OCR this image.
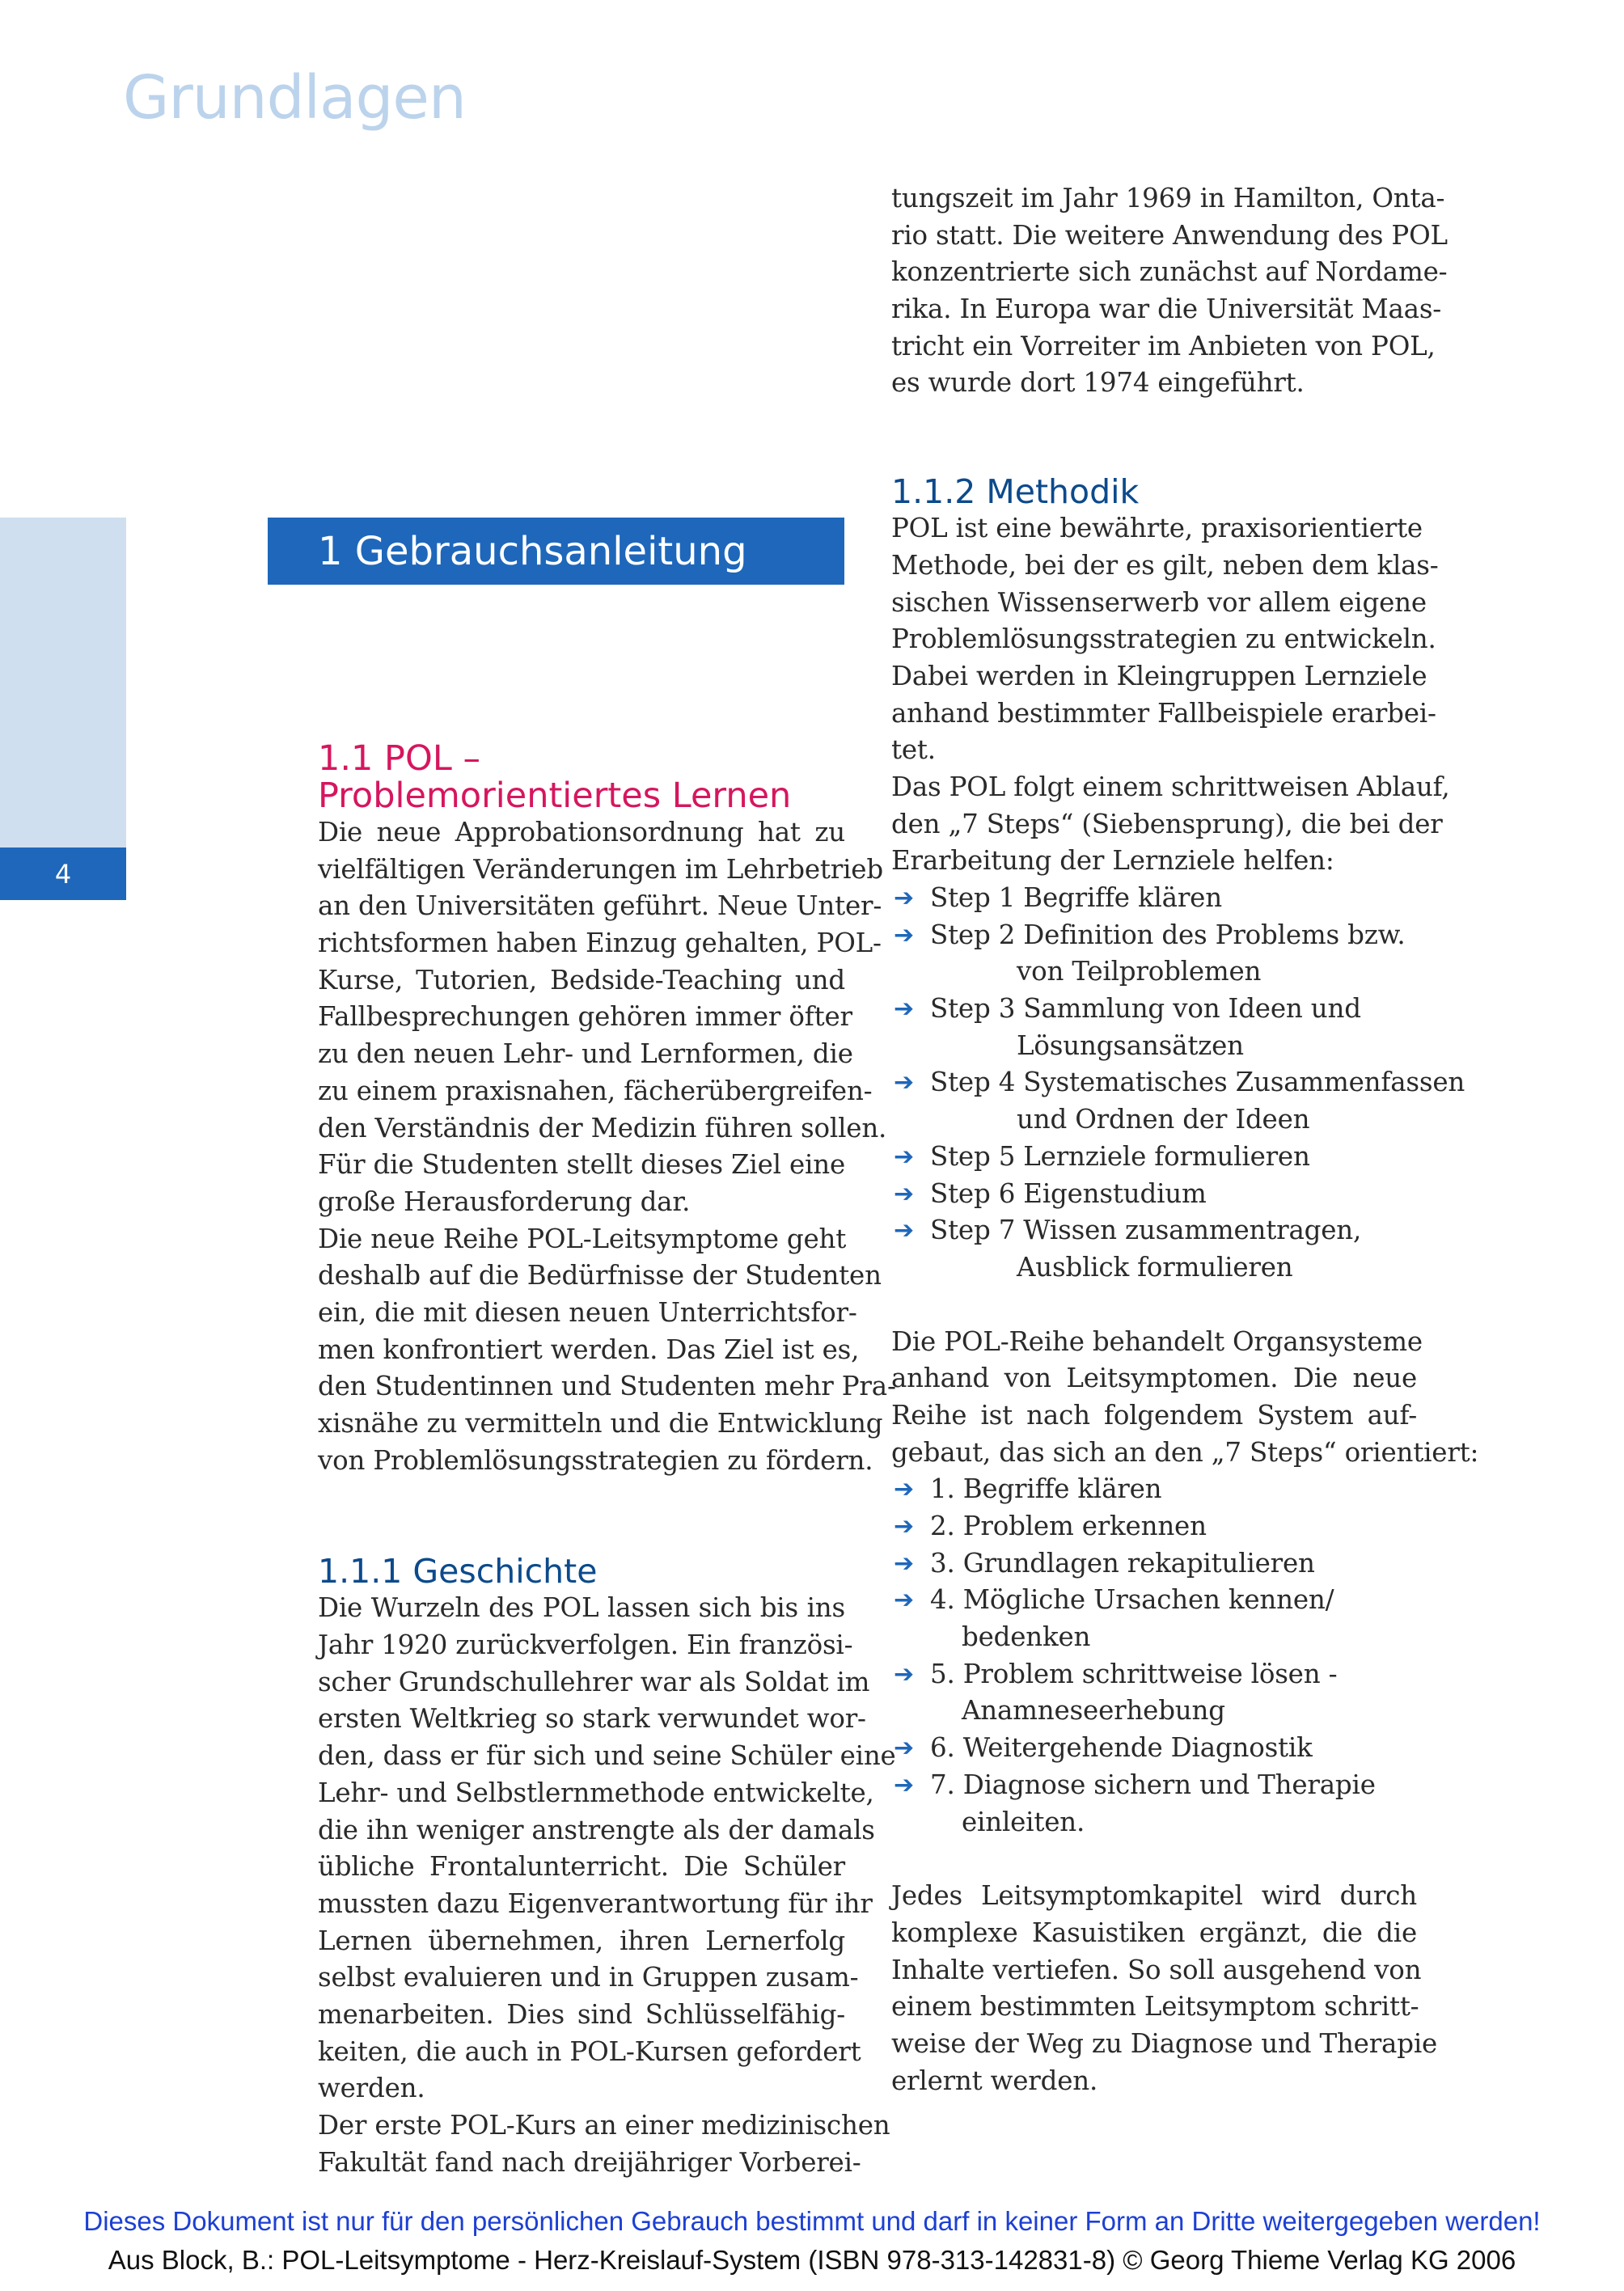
Grundlagen
4
1 Gebrauchsanleitung
1.1 POL –
Problemorientiertes Lernen
Die neue Approbationsordnung hat zu
vielfältigen Veränderungen im Lehrbetrieb
an den Universitäten geführt. Neue Unter-
richtsformen haben Einzug gehalten, POL-
Kurse, Tutorien, Bedside-Teaching und
Fallbesprechungen gehören immer öfter
zu den neuen Lehr- und Lernformen, die
zu einem praxisnahen, fächerübergreifen-
den Verständnis der Medizin führen sollen.
Für die Studenten stellt dieses Ziel eine
große Herausforderung dar.
Die neue Reihe POL-Leitsymptome geht
deshalb auf die Bedürfnisse der Studenten
ein, die mit diesen neuen Unterrichtsfor-
men konfrontiert werden. Das Ziel ist es,
den Studentinnen und Studenten mehr Pra-
xisnähe zu vermitteln und die Entwicklung
von Problemlösungsstrategien zu fördern.
1.1.1 Geschichte
Die Wurzeln des POL lassen sich bis ins
Jahr 1920 zurückverfolgen. Ein französi-
scher Grundschullehrer war als Soldat im
ersten Weltkrieg so stark verwundet wor-
den, dass er für sich und seine Schüler eine
Lehr- und Selbstlernmethode entwickelte,
die ihn weniger anstrengte als der damals
übliche Frontalunterricht. Die Schüler
mussten dazu Eigenverantwortung für ihr
Lernen übernehmen, ihren Lernerfolg
selbst evaluieren und in Gruppen zusam-
menarbeiten. Dies sind Schlüsselfähig-
keiten, die auch in POL-Kursen gefordert
werden.
Der erste POL-Kurs an einer medizinischen
Fakultät fand nach dreijähriger Vorberei-
tungszeit im Jahr 1969 in Hamilton, Onta-
rio statt. Die weitere Anwendung des POL
konzentrierte sich zunächst auf Nordame-
rika. In Europa war die Universität Maas-
tricht ein Vorreiter im Anbieten von POL,
es wurde dort 1974 eingeführt.
1.1.2 Methodik
POL ist eine bewährte, praxisorientierte
Methode, bei der es gilt, neben dem klas-
sischen Wissenserwerb vor allem eigene
Problemlösungsstrategien zu entwickeln.
Dabei werden in Kleingruppen Lernziele
anhand bestimmter Fallbeispiele erarbei-
tet.
Das POL folgt einem schrittweisen Ablauf,
den „7 Steps“ (Siebensprung), die bei der
Erarbeitung der Lernziele helfen:
➔ Step 1 Begriffe klären
➔ Step 2 Definition des Problems bzw.
von Teilproblemen
➔ Step 3 Sammlung von Ideen und
Lösungsansätzen
➔ Step 4 Systematisches Zusammenfassen
und Ordnen der Ideen
➔ Step 5 Lernziele formulieren
➔ Step 6 Eigenstudium
➔ Step 7 Wissen zusammentragen,
Ausblick formulieren
Die POL-Reihe behandelt Organsysteme
anhand von Leitsymptomen. Die neue
Reihe ist nach folgendem System auf-
gebaut, das sich an den „7 Steps“ orientiert:
➔ 1. Begriffe klären
➔ 2. Problem erkennen
➔ 3. Grundlagen rekapitulieren
➔ 4. Mögliche Ursachen kennen/
bedenken
➔ 5. Problem schrittweise lösen -
Anamneseerhebung
➔ 6. Weitergehende Diagnostik
➔ 7. Diagnose sichern und Therapie
einleiten.
Jedes Leitsymptomkapitel wird durch
komplexe Kasuistiken ergänzt, die die
Inhalte vertiefen. So soll ausgehend von
einem bestimmten Leitsymptom schritt-
weise der Weg zu Diagnose und Therapie
erlernt werden.
Dieses Dokument ist nur für den persönlichen Gebrauch bestimmt und darf in keiner Form an Dritte weitergegeben werden!
Aus Block, B.: POL-Leitsymptome - Herz-Kreislauf-System (ISBN 978-313-142831-8) © Georg Thieme Verlag KG 2006
